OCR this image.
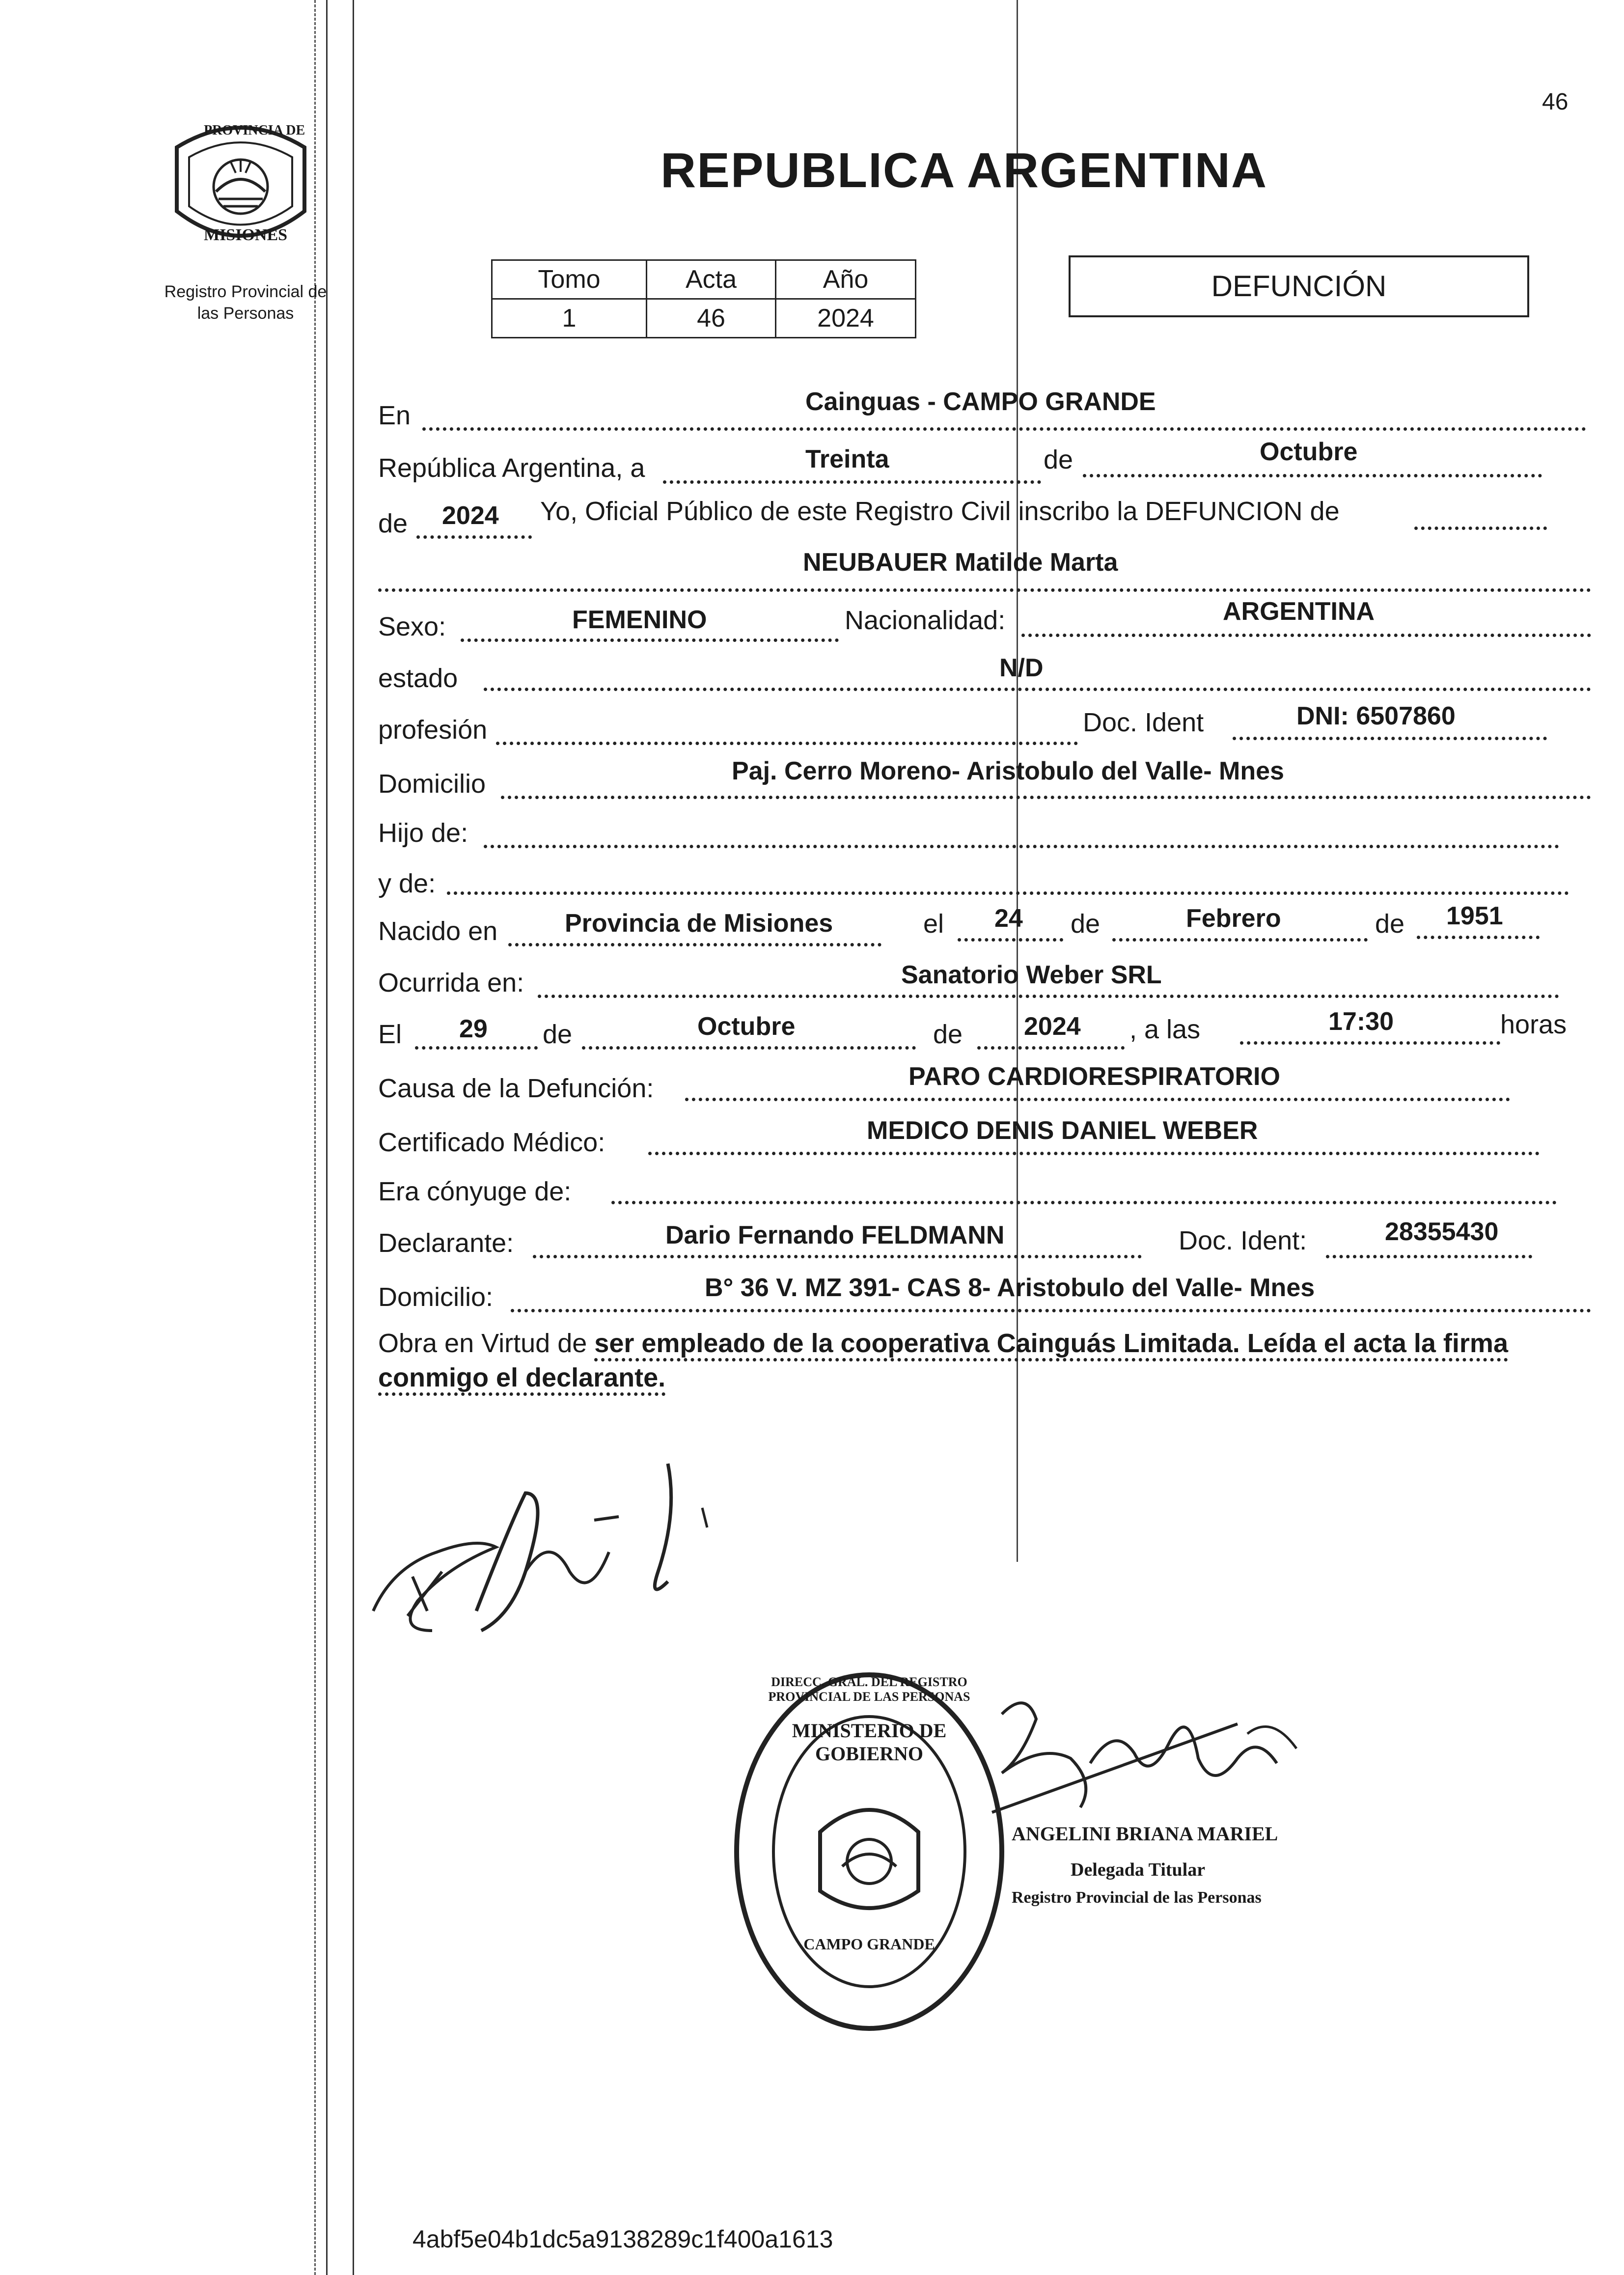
46
PROVINCIA DE
MISIONES
Registro Provincial de
las Personas
REPUBLICA ARGENTINA
Tomo	Acta	Año
1	46	2024
DEFUNCIÓN
En	Cainguas - CAMPO GRANDE
República Argentina, a	Treinta	de	Octubre
de 2024 Yo, Oficial Público de este Registro Civil inscribo la DEFUNCION de
NEUBAUER Matilde Marta
Sexo:	FEMENINO	Nacionalidad:	ARGENTINA
estado	N/D
profesión	Doc. Ident	DNI: 6507860
Domicilio	Paj. Cerro Moreno- Aristobulo del Valle- Mnes
Hijo de:
y de:
Nacido en	Provincia de Misiones	el 24 de	Febrero	de 1951
Ocurrida en:	Sanatorio Weber SRL
El 29 de	Octubre	de 2024 , a las	17:30	horas
Causa de la Defunción:	PARO CARDIORESPIRATORIO
Certificado Médico:	MEDICO DENIS DANIEL WEBER
Era cónyuge de:
Declarante:	Dario Fernando FELDMANN	Doc. Ident:	28355430
Domicilio:	B° 36 V. MZ 391- CAS 8- Aristobulo del Valle- Mnes
Obra en Virtud de ser empleado de la cooperativa Cainguás Limitada. Leída el acta la firma conmigo el declarante.
MINISTERIO DE GOBIERNO
CAMPO GRANDE
DIRECC. GRAL. DEL REGISTRO PROVINCIAL DE LAS PERSONAS
ANGELINI BRIANA MARIEL
Delegada Titular
Registro Provincial de las Personas
4abf5e04b1dc5a9138289c1f400a1613
